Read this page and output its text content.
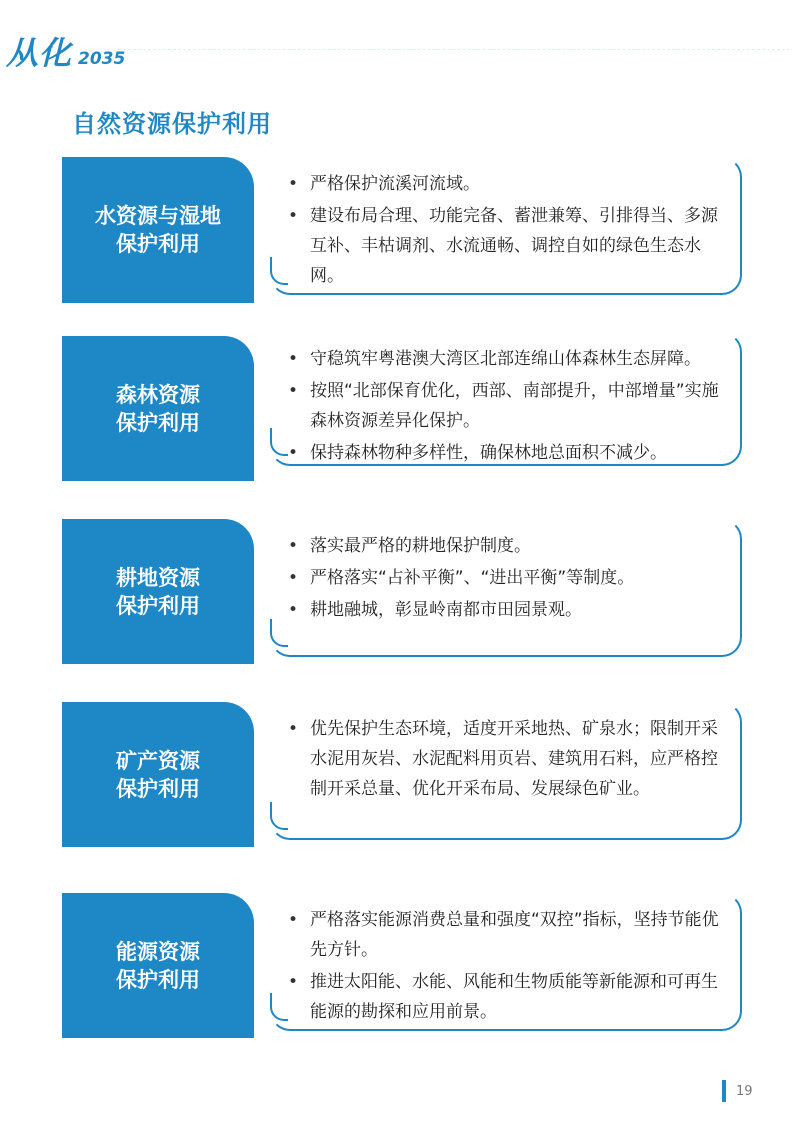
从化 2035
自然资源保护利用
水资源与湿地
保护利用
• 严格保护流溪河流域。
• 建设布局合理、功能完备、蓄泄兼筹、引排得当、多源互补、丰枯调剂、水流通畅、调控自如的绿色生态水网。
森林资源
保护利用
• 守稳筑牢粤港澳大湾区北部连绵山体森林生态屏障。
• 按照“北部保育优化，西部、南部提升，中部增量”实施森林资源差异化保护。
• 保持森林物种多样性，确保林地总面积不减少。
耕地资源
保护利用
• 落实最严格的耕地保护制度。
• 严格落实“占补平衡”、“进出平衡”等制度。
• 耕地融城，彰显岭南都市田园景观。
矿产资源
保护利用
• 优先保护生态环境，适度开采地热、矿泉水；限制开采水泥用灰岩、水泥配料用页岩、建筑用石料，应严格控制开采总量、优化开采布局、发展绿色矿业。
能源资源
保护利用
• 严格落实能源消费总量和强度“双控”指标，坚持节能优先方针。
• 推进太阳能、水能、风能和生物质能等新能源和可再生能源的勘探和应用前景。
19
